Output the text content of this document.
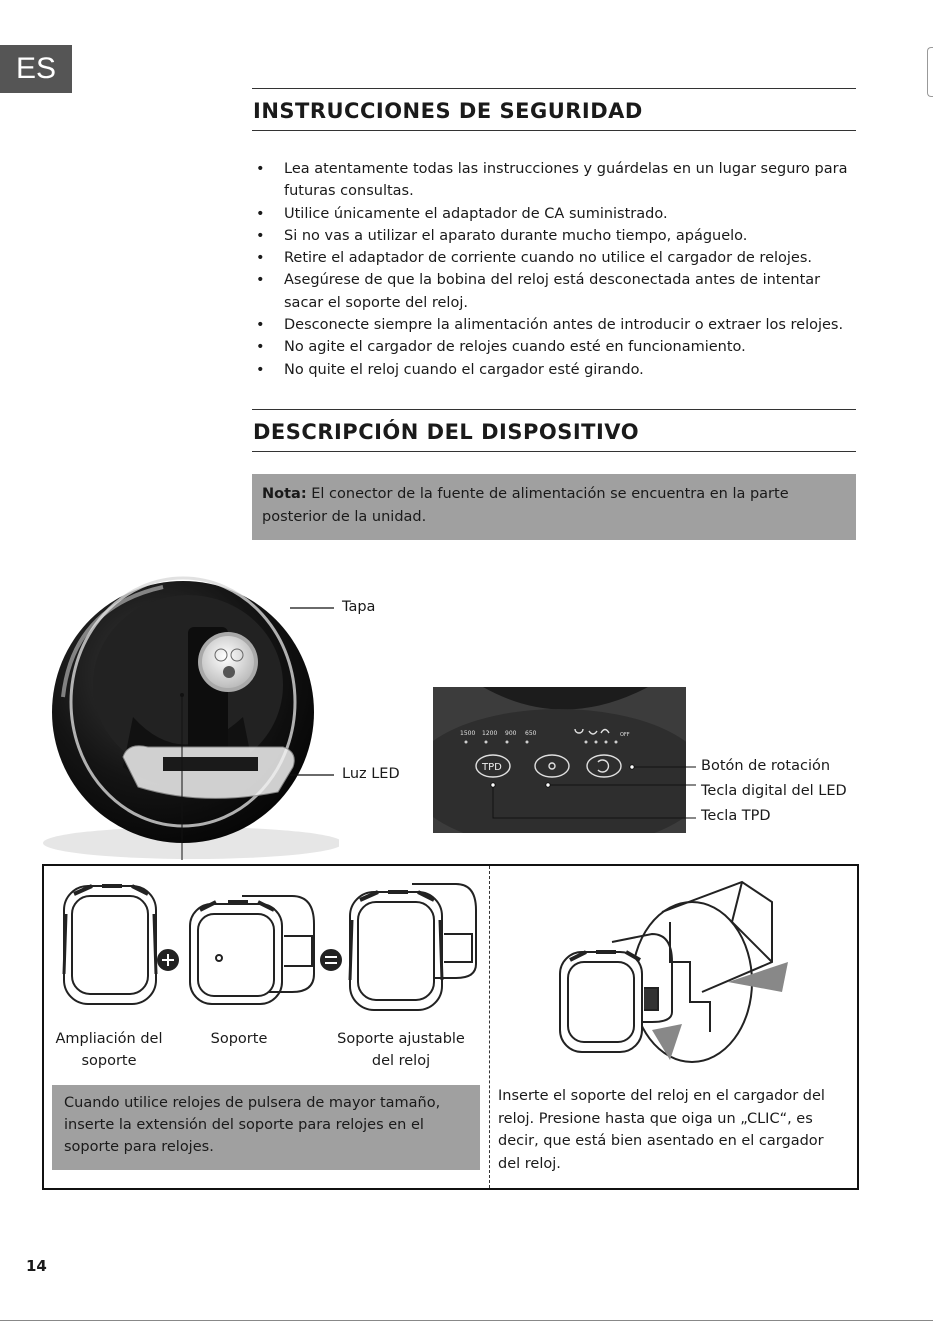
ES
INSTRUCCIONES DE SEGURIDAD
• Lea atentamente todas las instrucciones y guárdelas en un lugar seguro para futuras consultas.
• Utilice únicamente el adaptador de CA suministrado.
• Si no vas a utilizar el aparato durante mucho tiempo, apáguelo.
• Retire el adaptador de corriente cuando no utilice el cargador de relojes.
• Asegúrese de que la bobina del reloj está desconectada antes de intentar sacar el soporte del reloj.
• Desconecte siempre la alimentación antes de introducir o extraer los relojes.
• No agite el cargador de relojes cuando esté en funcionamiento.
• No quite el reloj cuando el cargador esté girando.
DESCRIPCIÓN DEL DISPOSITIVO
Nota: El conector de la fuente de alimentación se encuentra en la parte posterior de la unidad.
Tapa
Luz LED
1500 1200 900 650	OFF
TPD	Botón de rotación
Tecla digital del LED
Tecla TPD
Ampliación del soporte
Soporte	Soporte ajustable del reloj
Cuando utilice relojes de pulsera de mayor tamaño, inserte la extensión del soporte para relojes en el soporte para relojes.
Inserte el soporte del reloj en el cargador del reloj. Presione hasta que oiga un „CLIC“, es decir, que está bien asentado en el cargador del reloj.
14
